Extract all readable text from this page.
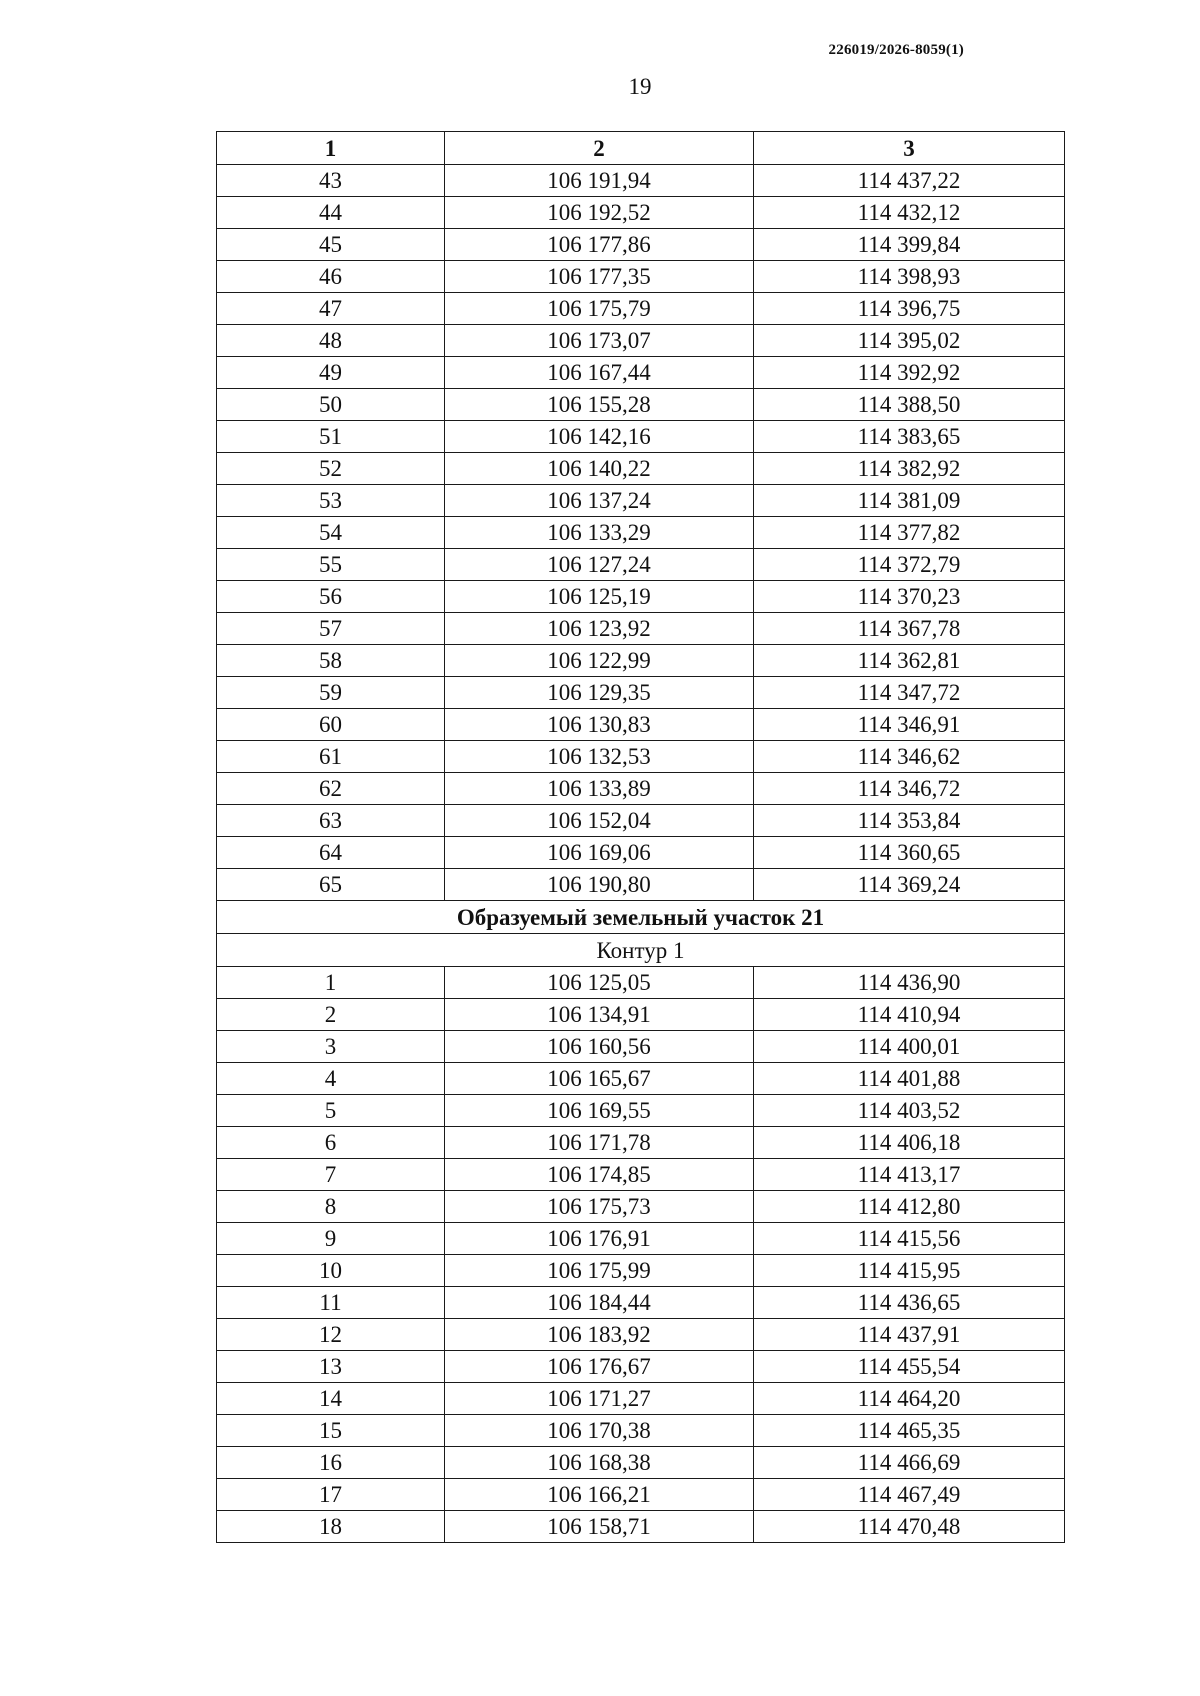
226019/2026-8059(1)
19
1	2	3
43	106 191,94	114 437,22
44	106 192,52	114 432,12
45	106 177,86	114 399,84
46	106 177,35	114 398,93
47	106 175,79	114 396,75
48	106 173,07	114 395,02
49	106 167,44	114 392,92
50	106 155,28	114 388,50
51	106 142,16	114 383,65
52	106 140,22	114 382,92
53	106 137,24	114 381,09
54	106 133,29	114 377,82
55	106 127,24	114 372,79
56	106 125,19	114 370,23
57	106 123,92	114 367,78
58	106 122,99	114 362,81
59	106 129,35	114 347,72
60	106 130,83	114 346,91
61	106 132,53	114 346,62
62	106 133,89	114 346,72
63	106 152,04	114 353,84
64	106 169,06	114 360,65
65	106 190,80	114 369,24
Образуемый земельный участок 21		
Контур 1		
1	106 125,05	114 436,90
2	106 134,91	114 410,94
3	106 160,56	114 400,01
4	106 165,67	114 401,88
5	106 169,55	114 403,52
6	106 171,78	114 406,18
7	106 174,85	114 413,17
8	106 175,73	114 412,80
9	106 176,91	114 415,56
10	106 175,99	114 415,95
11	106 184,44	114 436,65
12	106 183,92	114 437,91
13	106 176,67	114 455,54
14	106 171,27	114 464,20
15	106 170,38	114 465,35
16	106 168,38	114 466,69
17	106 166,21	114 467,49
18	106 158,71	114 470,48
